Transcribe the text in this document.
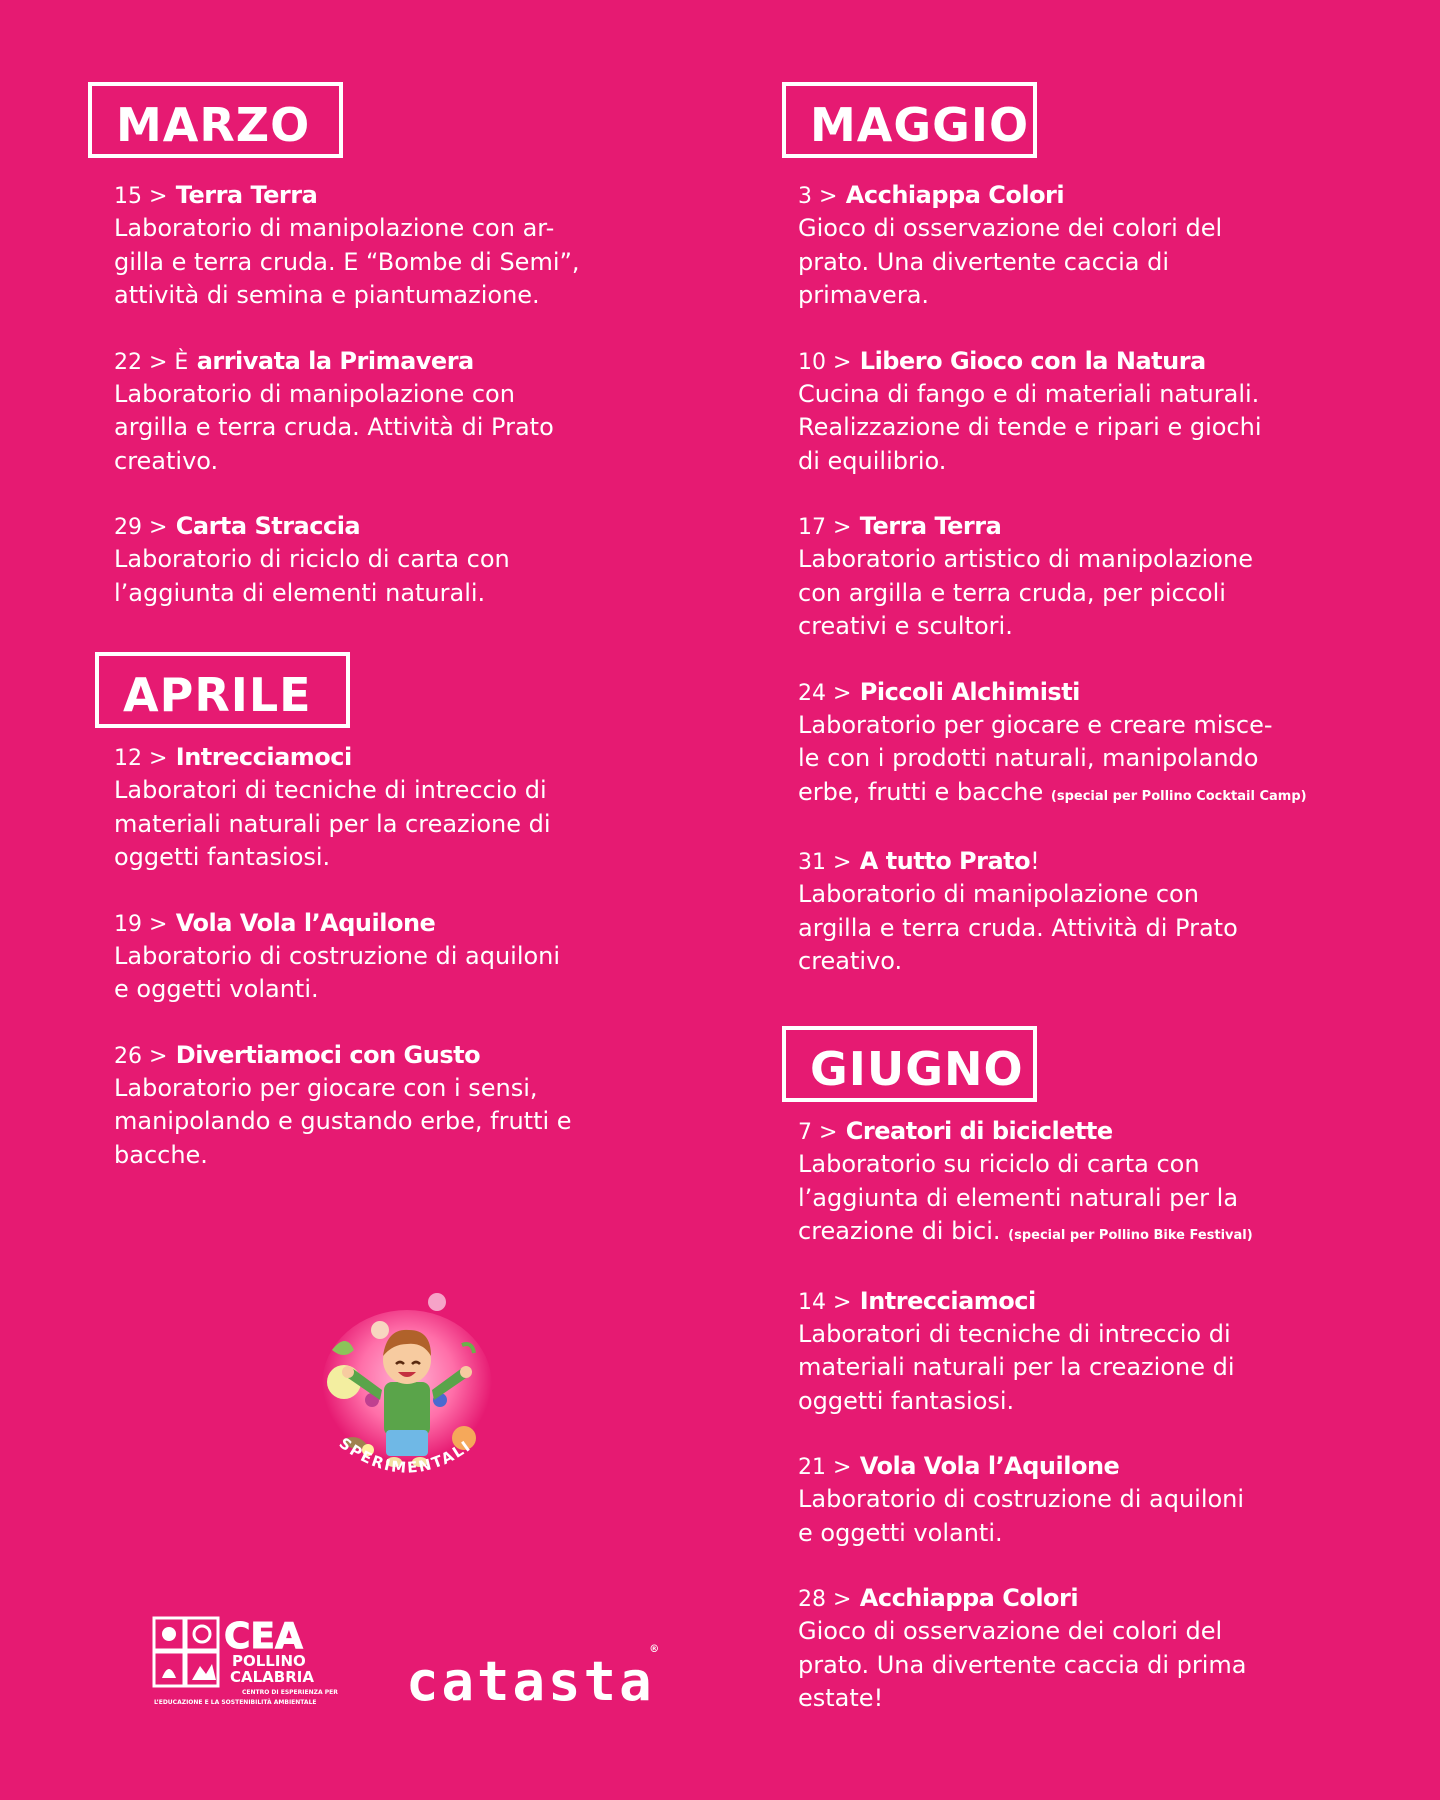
MARZO
15 > Terra Terra
Laboratorio di manipolazione con ar-
gilla e terra cruda. E “Bombe di Semi”,
attività di semina e piantumazione.
22 > È arrivata la Primavera
Laboratorio di manipolazione con
argilla e terra cruda. Attività di Prato
creativo.
29 > Carta Straccia
Laboratorio di riciclo di carta con
l’aggiunta di elementi naturali.
APRILE
12 > Intrecciamoci
Laboratori di tecniche di intreccio di
materiali naturali per la creazione di
oggetti fantasiosi.
19 > Vola Vola l’Aquilone
Laboratorio di costruzione di aquiloni
e oggetti volanti.
26 > Divertiamoci con Gusto
Laboratorio per giocare con i sensi,
manipolando e gustando erbe, frutti e
bacche.
MAGGIO
3 > Acchiappa Colori
Gioco di osservazione dei colori del
prato. Una divertente caccia di
primavera.
10 > Libero Gioco con la Natura
Cucina di fango e di materiali naturali.
Realizzazione di tende e ripari e giochi
di equilibrio.
17 > Terra Terra
Laboratorio artistico di manipolazione
con argilla e terra cruda, per piccoli
creativi e scultori.
24 > Piccoli Alchimisti
Laboratorio per giocare e creare misce-
le con i prodotti naturali, manipolando
erbe, frutti e bacche (special per Pollino Cocktail Camp)
31 > A tutto Prato!
Laboratorio di manipolazione con
argilla e terra cruda. Attività di Prato
creativo.
GIUGNO
7 > Creatori di biciclette
Laboratorio su riciclo di carta con
l’aggiunta di elementi naturali per la
creazione di bici. (special per Pollino Bike Festival)
14 > Intrecciamoci
Laboratori di tecniche di intreccio di
materiali naturali per la creazione di
oggetti fantasiosi.
21 > Vola Vola l’Aquilone
Laboratorio di costruzione di aquiloni
e oggetti volanti.
28 > Acchiappa Colori
Gioco di osservazione dei colori del
prato. Una divertente caccia di prima
estate!
SPERIMENTALI
CEA
POLLINO
CALABRIA
CENTRO DI ESPERIENZA PER
L’EDUCAZIONE E LA SOSTENIBILITÀ AMBIENTALE catasta®
